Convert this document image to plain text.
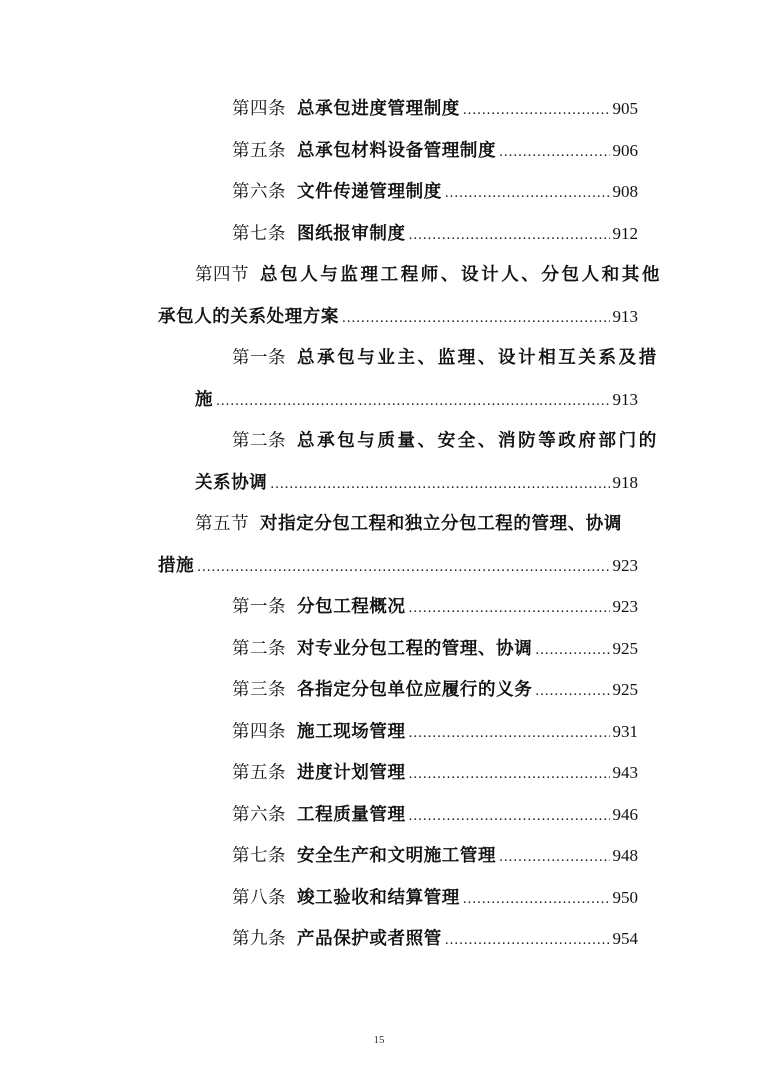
第四条 总承包进度管理制度 .....	905
第五条 总承包材料设备管理制度 .....	906
第六条 文件传递管理制度 .....	908
第七条 图纸报审制度 .....	912
第四节 总包人与监理工程师、设计人、分包人和其他
承包人的关系处理方案 .....	913
第一条 总承包与业主、监理、设计相互关系及措
施 .....	913
第二条 总承包与质量、安全、消防等政府部门的
关系协调 .....	918
第五节 对指定分包工程和独立分包工程的管理、协调
措施 .....	923
第一条 分包工程概况 .....	923
第二条 对专业分包工程的管理、协调 .....	925
第三条 各指定分包单位应履行的义务 .....	925
第四条 施工现场管理 .....	931
第五条 进度计划管理 .....	943
第六条 工程质量管理 .....	946
第七条 安全生产和文明施工管理 .....	948
第八条 竣工验收和结算管理 .....	950
第九条 产品保护或者照管 .....	954
15
